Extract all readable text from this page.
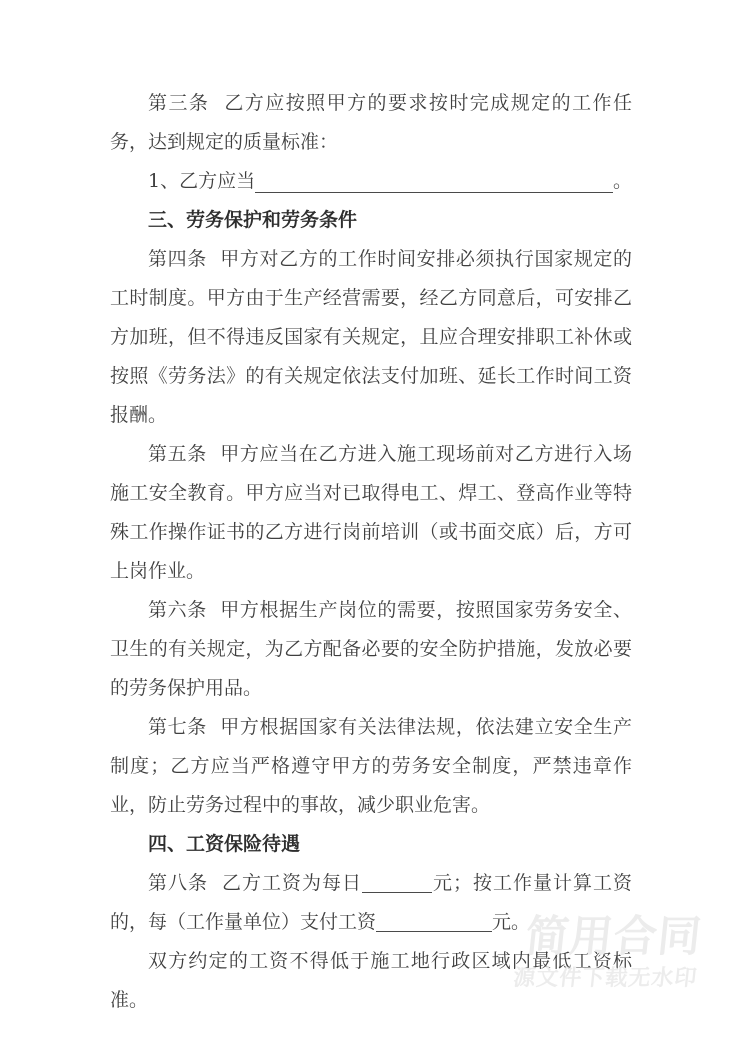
第三条  乙方应按照甲方的要求按时完成规定的工作任务，达到规定的质量标准：

1、乙方应当	。

三、劳务保护和劳务条件

第四条  甲方对乙方的工作时间安排必须执行国家规定的工时制度。甲方由于生产经营需要，经乙方同意后，可安排乙方加班，但不得违反国家有关规定，且应合理安排职工补休或按照《劳务法》的有关规定依法支付加班、延长工作时间工资报酬。

第五条  甲方应当在乙方进入施工现场前对乙方进行入场施工安全教育。甲方应当对已取得电工、焊工、登高作业等特殊工作操作证书的乙方进行岗前培训（或书面交底）后，方可上岗作业。

第六条  甲方根据生产岗位的需要，按照国家劳务安全、卫生的有关规定，为乙方配备必要的安全防护措施，发放必要的劳务保护用品。

第七条  甲方根据国家有关法律法规，依法建立安全生产制度；乙方应当严格遵守甲方的劳务安全制度，严禁违章作业，防止劳务过程中的事故，减少职业危害。

四、工资保险待遇

第八条  乙方工资为每日	元；按工作量计算工资的，每（工作量单位）支付工资	元。

双方约定的工资不得低于施工地行政区域内最低工资标准。

简用合同
源文件下载无水印
